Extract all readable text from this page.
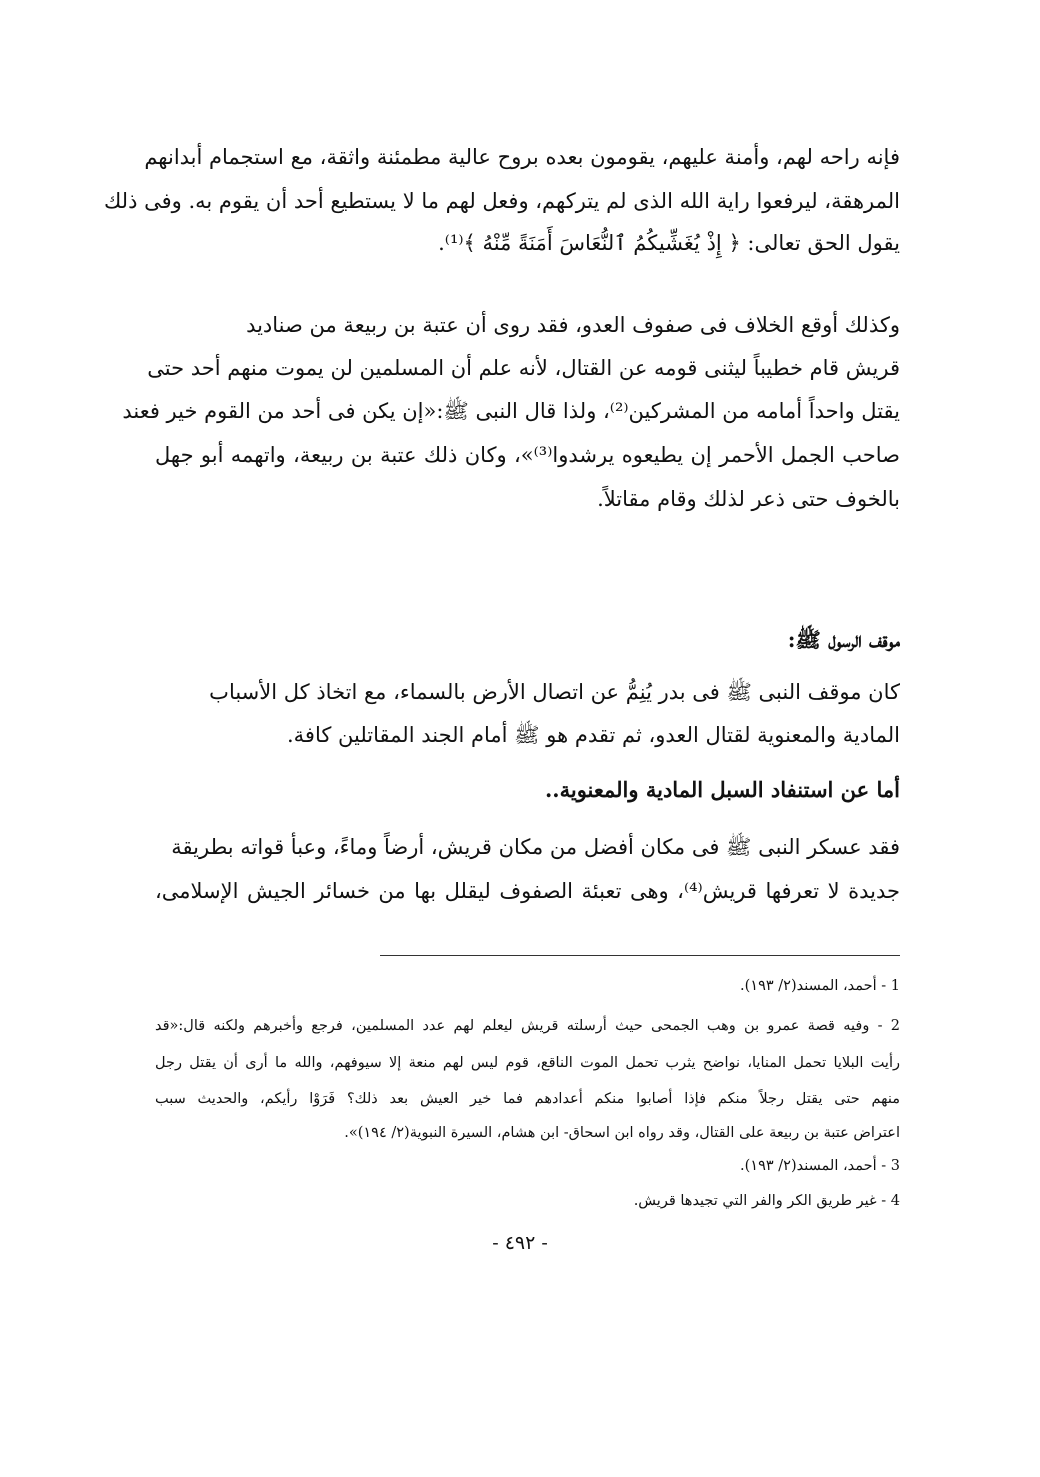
فإنه راحه لهم، وأمنة عليهم، يقومون بعده بروح عالية مطمئنة واثقة، مع استجمام أبدانهم
المرهقة، ليرفعوا راية الله الذى لم يتركهم، وفعل لهم ما لا يستطيع أحد أن يقوم به. وفى ذلك
يقول الحق تعالى: ﴿ إِذْ يُغَشِّيكُمُ ٱلنُّعَاسَ أَمَنَةً مِّنْهُ ﴾⁽¹⁾.
وكذلك أوقع الخلاف فى صفوف العدو، فقد روى أن عتبة بن ربيعة من صناديد
قريش قام خطيباً ليثنى قومه عن القتال، لأنه علم أن المسلمين لن يموت منهم أحد حتى
يقتل واحداً أمامه من المشركين⁽²⁾، ولذا قال النبى ﷺ:«إن يكن فى أحد من القوم خير فعند
صاحب الجمل الأحمر إن يطيعوه يرشدوا⁽³⁾»، وكان ذلك عتبة بن ربيعة، واتهمه أبو جهل
بالخوف حتى ذعر لذلك وقام مقاتلاً.
موقف الرسول ﷺ:
كان موقف النبى ﷺ فى بدر يُنِمُّ عن اتصال الأرض بالسماء، مع اتخاذ كل الأسباب
المادية والمعنوية لقتال العدو، ثم تقدم هو ﷺ أمام الجند المقاتلين كافة.
أما عن استنفاد السبل المادية والمعنوية..
فقد عسكر النبى ﷺ فى مكان أفضل من مكان قريش، أرضاً وماءً، وعبأ قواته بطريقة
جديدة لا تعرفها قريش⁽⁴⁾، وهى تعبئة الصفوف ليقلل بها من خسائر الجيش الإسلامى،
1 - أحمد، المسند(٢/ ١٩٣).
2 - وفيه قصة عمرو بن وهب الجمحى حيث أرسلته قريش ليعلم لهم عدد المسلمين، فرجع وأخبرهم ولكنه قال:«قد
رأيت البلايا تحمل المنايا، نواضح يثرب تحمل الموت الناقع، قوم ليس لهم منعة إلا سيوفهم، والله ما أرى أن يقتل رجل
منهم حتى يقتل رجلاً منكم فإذا أصابوا منكم أعدادهم فما خير العيش بعد ذلك؟ فَرَوْا رأيكم، والحديث سبب
اعتراض عتبة بن ربيعة على القتال، وقد رواه ابن اسحاق- ابن هشام، السيرة النبوية(٢/ ١٩٤)».
3 - أحمد، المسند(٢/ ١٩٣).
4 - غير طريق الكر والفر التي تجيدها قريش.
- ٤٩٢ -
